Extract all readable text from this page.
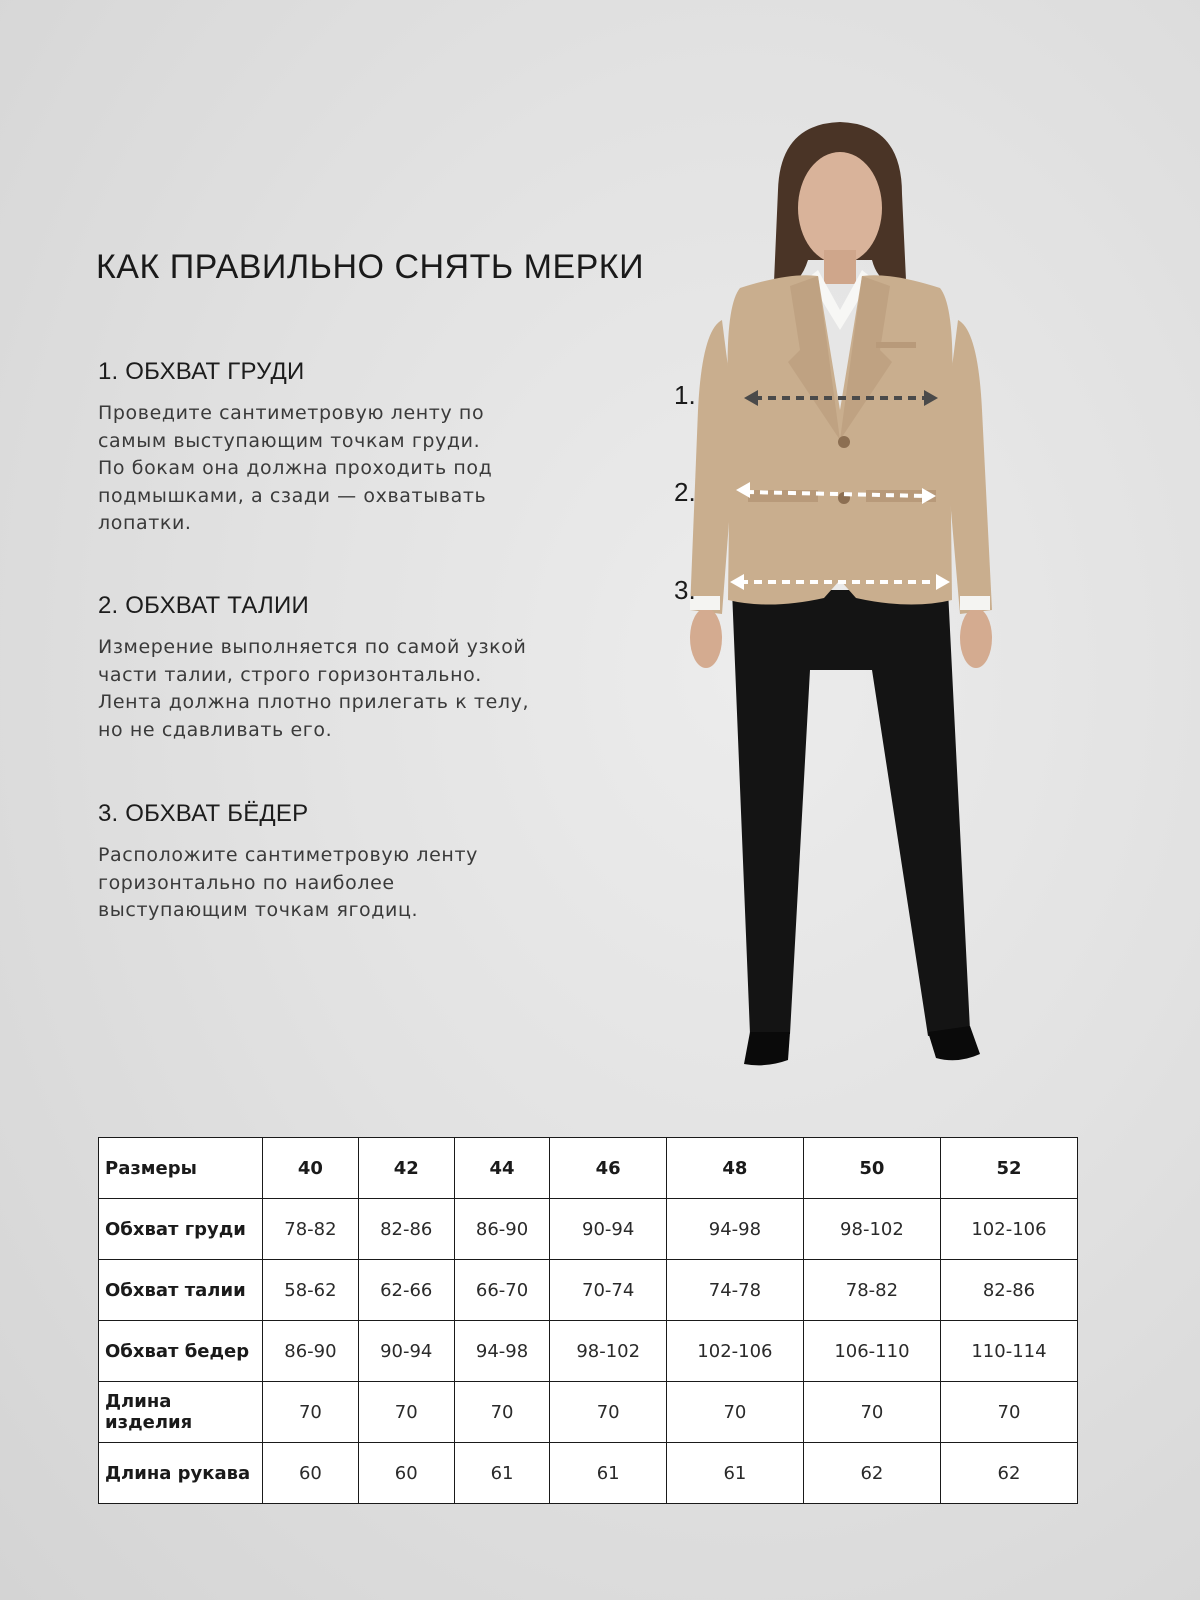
КАК ПРАВИЛЬНО СНЯТЬ МЕРКИ
1. ОБХВАТ ГРУДИ

Проведите сантиметровую ленту по
самым выступающим точкам груди.
По бокам она должна проходить под
подмышками, а сзади — охватывать
лопатки.

2. ОБХВАТ ТАЛИИ

Измерение выполняется по самой узкой
части талии, строго горизонтально.
Лента должна плотно прилегать к телу,
но не сдавливать его.

3. ОБХВАТ БЁДЕР

Расположите сантиметровую ленту
горизонтально по наиболее
выступающим точкам ягодиц.

1.
2.
3.
Размеры	40	42	44	46	48	50	52
Обхват груди	78-82	82-86	86-90	90-94	94-98	98-102	102-106
Обхват талии	58-62	62-66	66-70	70-74	74-78	78-82	82-86
Обхват бедер	86-90	90-94	94-98	98-102	102-106	106-110	110-114
Длина изделия	70	70	70	70	70	70	70
Длина рукава	60	60	61	61	61	62	62
